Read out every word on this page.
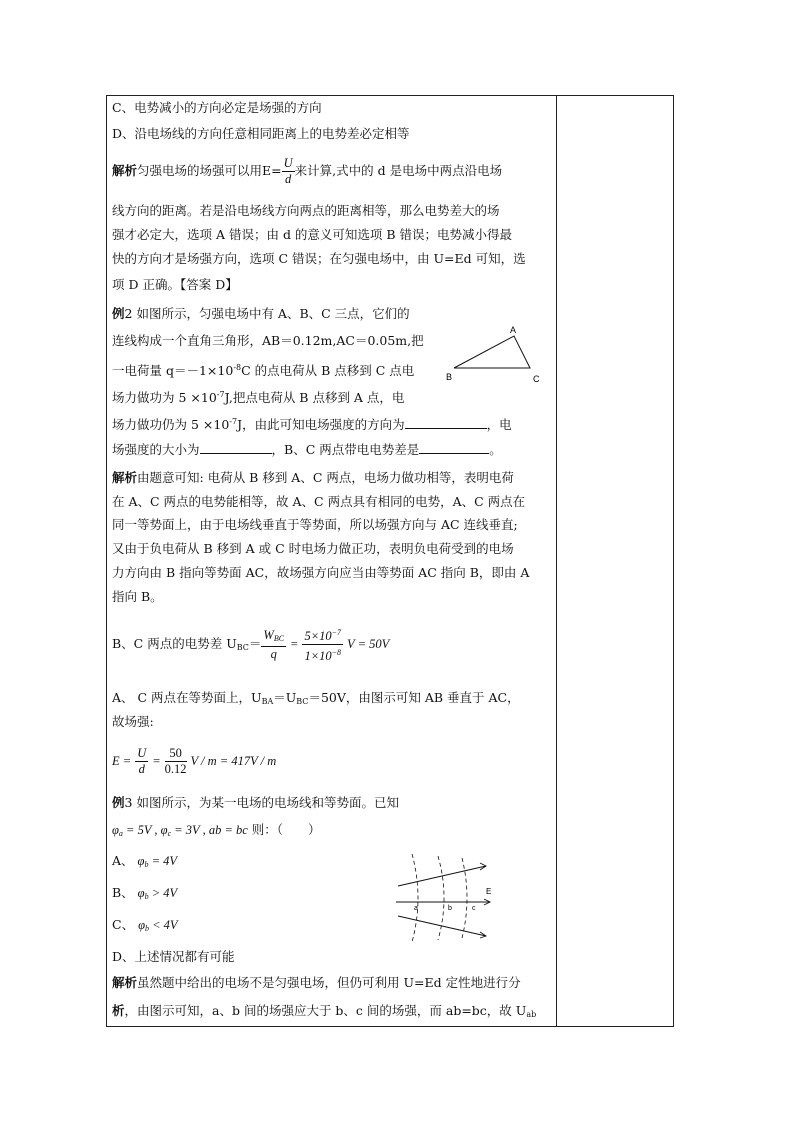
C、电势减小的方向必定是场强的方向
D、沿电场线的方向任意相同距离上的电势差必定相等
解析匀强电场的场强可以用$E= \frac{U}{d}$ 来计算,式中的 d 是电场中两点沿电场
线方向的距离。若是沿电场线方向两点的距离相等，那么电势差大的场
强才必定大，选项 A 错误；由 d 的意义可知选项 B 错误；电势减小得最
快的方向才是场强方向，选项 C 错误；在匀强电场中，由 U=Ed 可知，选
项 D 正确。【答案 D】
例2 如图所示，匀强电场中有 A、B、C 三点，它们的
连线构成一个直角三角形，AB＝0.12m,AC＝0.05m,把
一电荷量 $q=-1\times 10^{-8}C$ 的点电荷从 B 点移到 C 点电
场力做功为 $5 \times 10^{-7}J$,把点电荷从 B 点移到 A 点，电
场力做功仍为 $5 \times 10^{-7}J$，由此可知电场强度的方向为	，电
场强度的大小为	，B、C 两点带电电势差是	。
解析由题意可知: 电荷从 B 移到 A、C 两点，电场力做功相等，表明电荷
在 A、C 两点的电势能相等，故 A、C 两点具有相同的电势，A、C 两点在
同一等势面上，由于电场线垂直于等势面，所以场强方向与 AC 连线垂直;
又由于负电荷从 B 移到 A 或 C 时电场力做正功，表明负电荷受到的电场
力方向由 B 指向等势面 AC，故场强方向应当由等势面 AC 指向 B，即由 A
指向 B。
B、C 两点的电势差 $U_{BC}= \frac{W_{BC}}{q} = \frac{5\times 10^{-7}}{1\times 10^{-8}}$ V = 50V
A、 C 两点在等势面上，$U_{BA}=U_{BC}=50V$，由图示可知 AB 垂直于 AC，
故场强:
$E = \frac{U}{d} = \frac{50}{0.12}$ V / m = 417V / m
例3 如图所示，为某一电场的电场线和等势面。已知
$\varphi_a = 5V$ , $\varphi_c = 3V$ , ab = bc 则：（　　）
A、 $\varphi_b = 4V$
B、 $\varphi_b > 4V$
C、 $\varphi_b < 4V$
D、上述情况都有可能
解析虽然题中给出的电场不是匀强电场，但仍可利用 U=Ed 定性地进行分
析，由图示可知，a、b 间的场强应大于 b、c 间的场强，而 ab=bc，故 $U_{ab}$
A
B	C
E
a	b	c
